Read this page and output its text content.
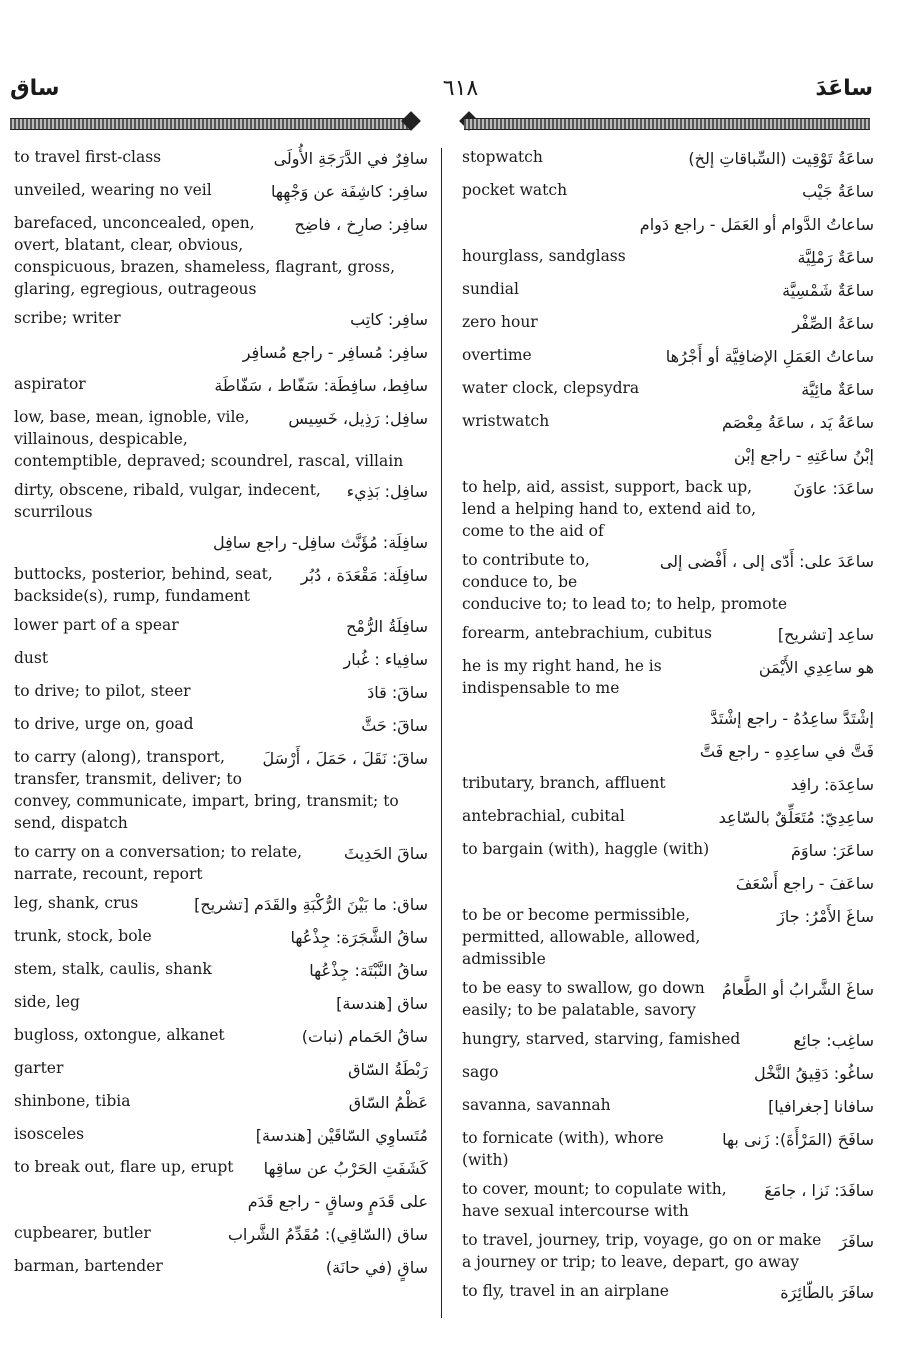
ساق	٦١٨	ساعَدَ
سافِرٌ في الدَّرَجَةِ الأُولَى
to travel first-class
سافِر: كاشِفَة عن وَجْهِها
unveiled, wearing no veil
سافِر: صارِخ ، فاضِح
barefaced, unconcealed, open, overt, blatant, clear, obvious, conspicuous, brazen, shameless, flagrant, gross, glaring, egregious, outrageous
سافِر: كاتِب
scribe; writer
سافِر: مُسافِر - راجع مُسافِر
سافِط، سافِطَة: سَفّاط ، سَفّاطَة
aspirator
سافِل: رَذِيل، خَسِيس
low, base, mean, ignoble, vile, villainous, despicable, contemptible, depraved; scoundrel, rascal, villain
سافِل: بَذِيء
dirty, obscene, ribald, vulgar, indecent, scurrilous
سافِلَة: مُؤَنَّث سافِل- راجع سافِل
سافِلَة: مَقْعَدَة ، دُبُر
buttocks, posterior, behind, seat, backside(s), rump, fundament
سافِلَةُ الرُّمْح
lower part of a spear
سافِياء : غُبار
dust
ساقَ: قادَ
to drive; to pilot, steer
ساقَ: حَثَّ
to drive, urge on, goad
ساقَ: نَقَلَ ، حَمَلَ ، أَرْسَلَ
to carry (along), transport, transfer, transmit, deliver; to convey, communicate, impart, bring, transmit; to send, dispatch
ساقَ الحَدِيثَ
to carry on a conversation; to relate, narrate, recount, report
ساق: ما بَيْنَ الرُّكْبَةِ والقَدَم [تشريح]
leg, shank, crus
ساقُ الشَّجَرَة: جِذْعُها
trunk, stock, bole
ساقُ النَّبْتَة: جِذْعُها
stem, stalk, caulis, shank
ساق [هندسة]
side, leg
ساقُ الحَمام (نبات)
bugloss, oxtongue, alkanet
رَبْطَةُ السّاق
garter
عَظْمُ السّاق
shinbone, tibia
مُتَساوِي السّاقَيْن [هندسة]
isosceles
كَشَفَتِ الحَرْبُ عن ساقِها
to break out, flare up, erupt
على قَدَمٍ وساقٍ - راجع قَدَم
ساق (السّاقِي): مُقَدِّمُ الشَّراب
cupbearer, butler
ساقٍ (في حانَة)
barman, bartender
ساعَةُ تَوْقِيت (السِّباقاتِ إلخ)
stopwatch
ساعَةُ جَيْب
pocket watch
ساعاتُ الدَّوام أو العَمَل - راجع دَوام
ساعَةٌ رَمْلِيَّة
hourglass, sandglass
ساعَةٌ شَمْسِيَّة
sundial
ساعَةُ الصِّفْر
zero hour
ساعاتُ العَمَلِ الإضافِيَّة أو أَجْرُها
overtime
ساعَةٌ مائِيَّة
water clock, clepsydra
ساعَةُ يَد ، ساعَةُ مِعْصَم
wristwatch
إبْنُ ساعَتِهِ - راجع إبْن
ساعَدَ: عاوَنَ
to help, aid, assist, support, back up, lend a helping hand to, extend aid to, come to the aid of
ساعَدَ على: أَدّى إلى ، أَفْضى إلى
to contribute to, conduce to, be conducive to; to lead to; to help, promote
ساعِد [تشريح]
forearm, antebrachium, cubitus
هو ساعِدِي الأَيْمَن
he is my right hand, he is indispensable to me
إشْتَدَّ ساعِدُهُ - راجع إشْتَدَّ
فَتَّ في ساعِدِهِ - راجع فَتَّ
ساعِدَة: رافِد
tributary, branch, affluent
ساعِدِيّ: مُتَعَلِّقٌ بالسّاعِد
antebrachial, cubital
ساعَرَ: ساوَمَ
to bargain (with), haggle (with)
ساعَفَ - راجع أَسْعَفَ
ساغَ الأَمْرُ: جازَ
to be or become permissible, permitted, allowable, allowed, admissible
ساغَ الشَّرابُ أو الطَّعامُ
to be easy to swallow, go down easily; to be palatable, savory
ساغِب: جائِع
hungry, starved, starving, famished
ساغُو: دَقِيقُ النَّخْل
sago
سافانا [جغرافيا]
savanna, savannah
سافَحَ (المَرْأَةَ): زَنى بها
to fornicate (with), whore (with)
سافَدَ: نَزا ، جامَعَ
to cover, mount; to copulate with, have sexual intercourse with
سافَرَ
to travel, journey, trip, voyage, go on or make a journey or trip; to leave, depart, go away
سافَرَ بالطّائِرَة
to fly, travel in an airplane
